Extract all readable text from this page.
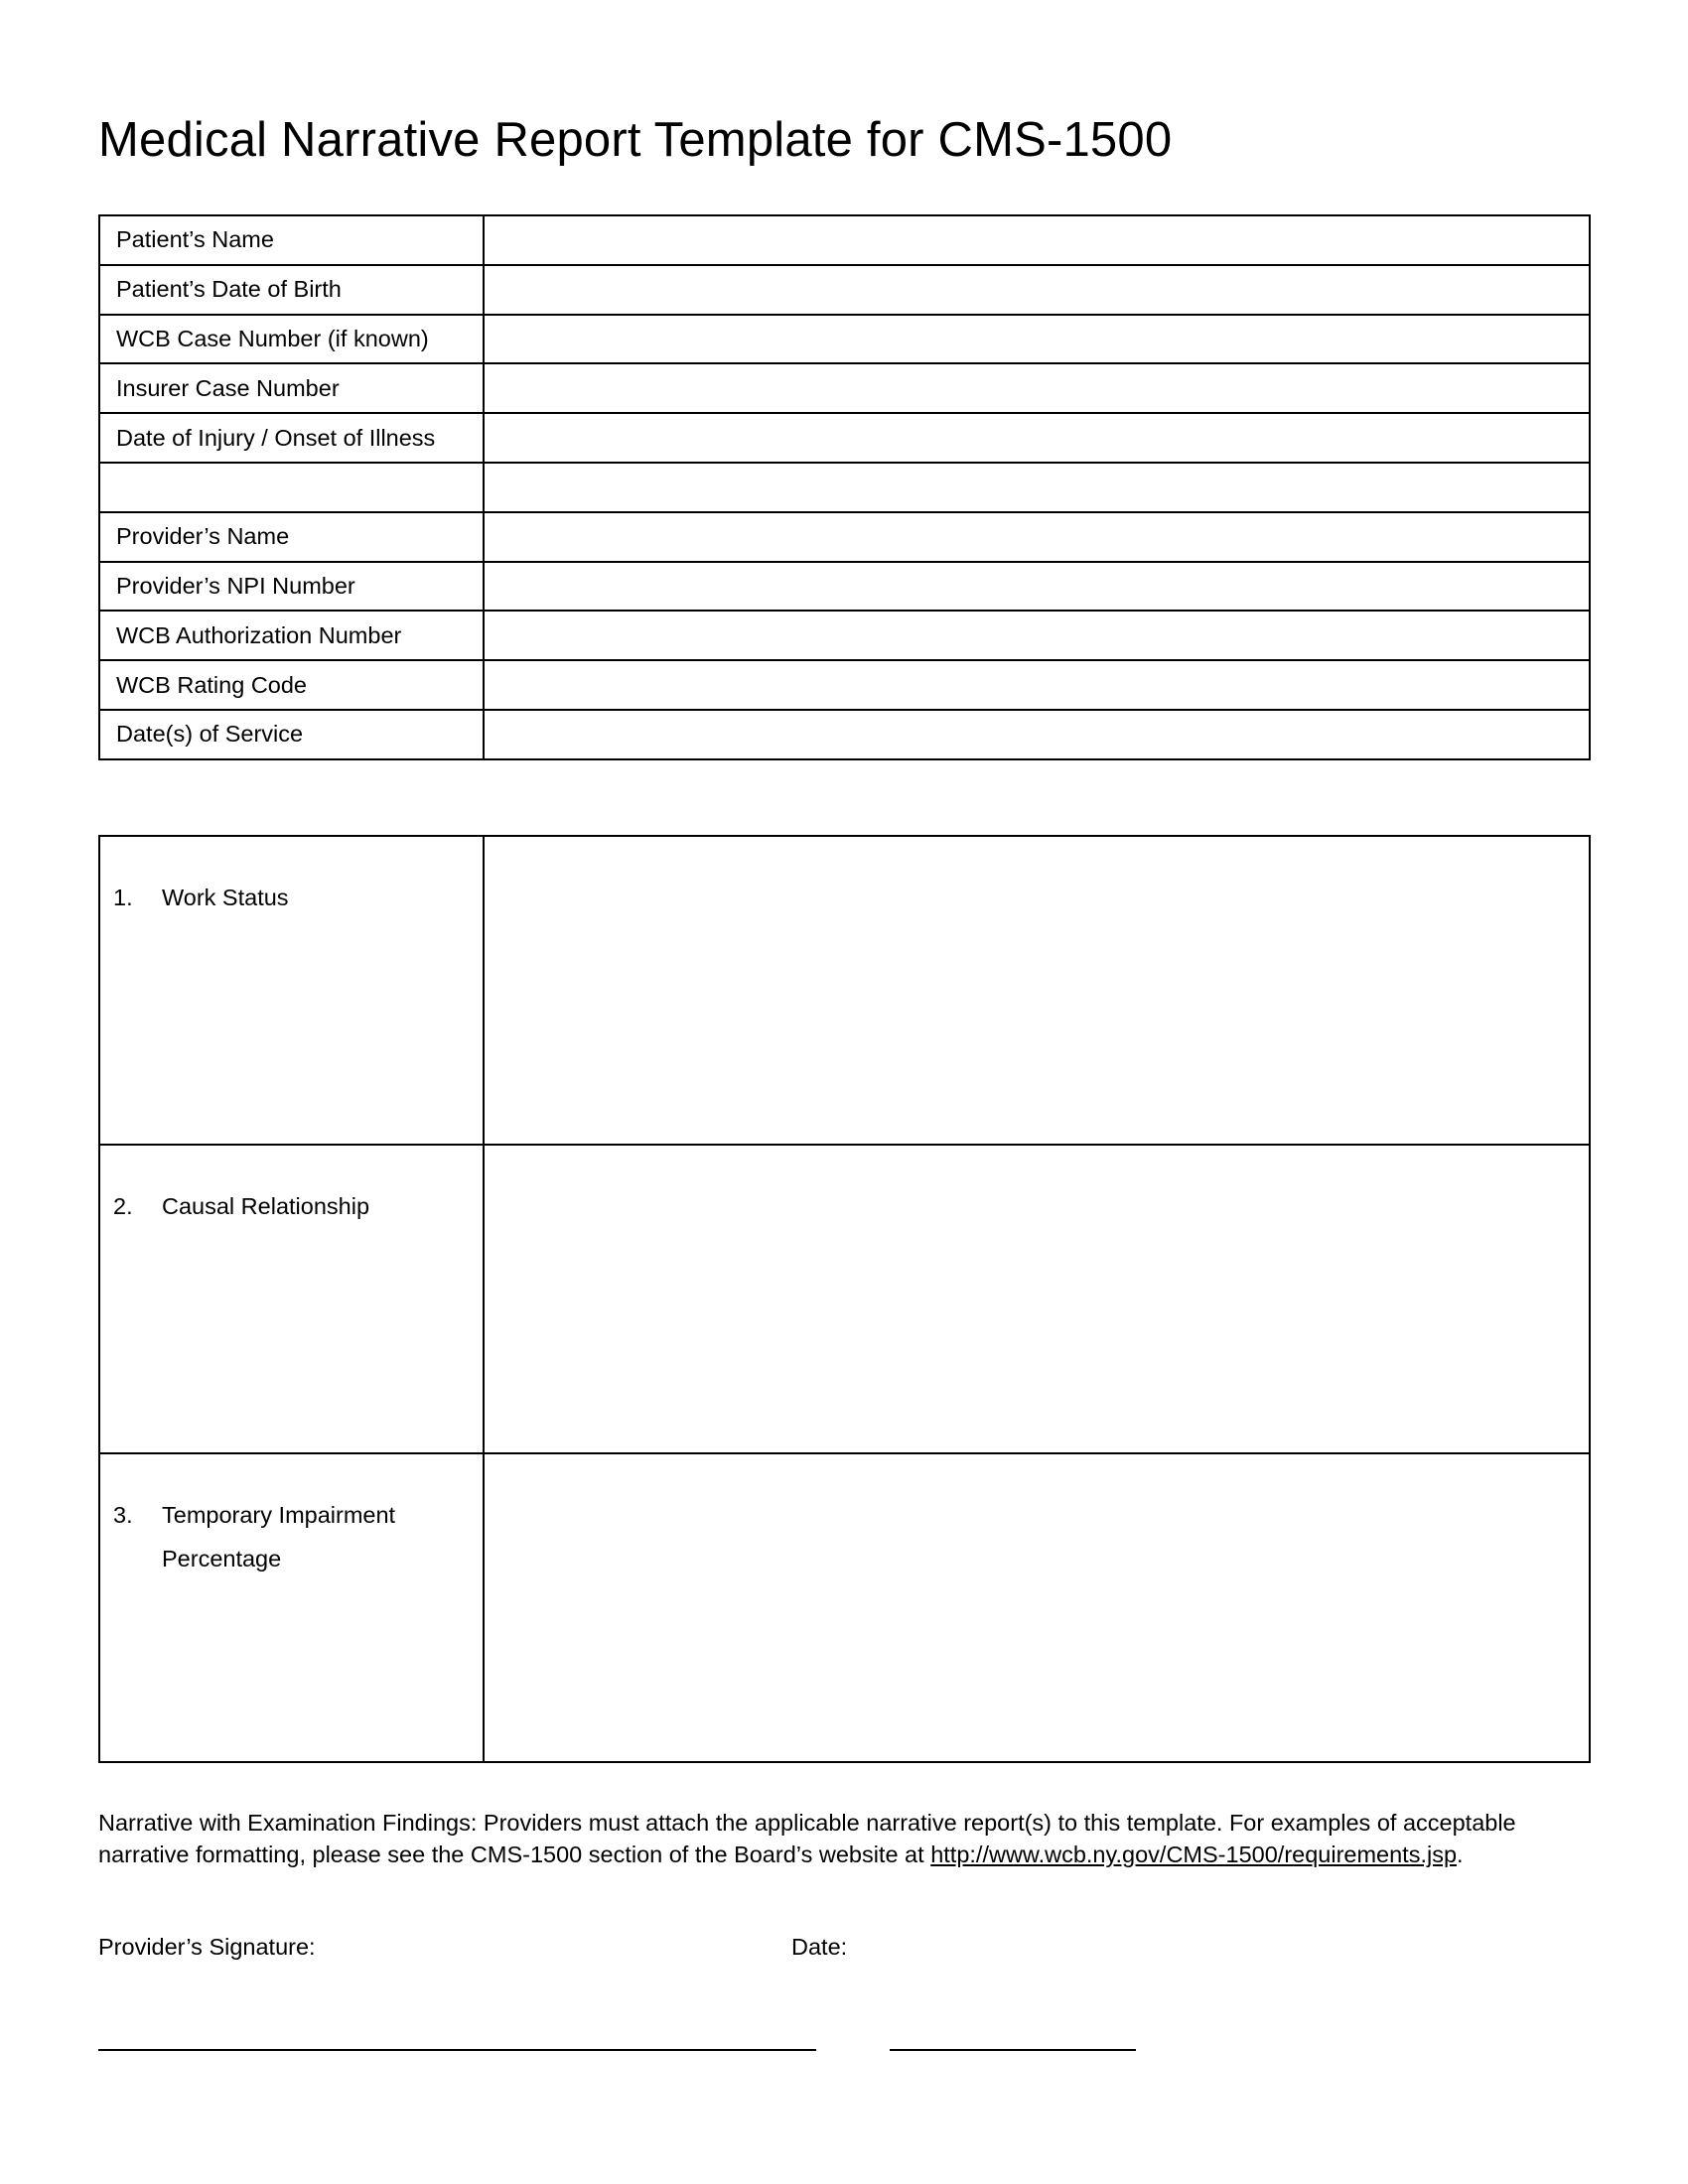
Medical Narrative Report Template for CMS-1500
Patient’s Name	
Patient’s Date of Birth	
WCB Case Number (if known)	
Insurer Case Number	
Date of Injury / Onset of Illness	

Provider’s Name	
Provider’s NPI Number	
WCB Authorization Number	
WCB Rating Code	
Date(s) of Service	
1. Work Status	

2. Causal Relationship	

3. Temporary Impairment Percentage	

Narrative with Examination Findings: Providers must attach the applicable narrative report(s) to this template. For examples of acceptable narrative formatting, please see the CMS-1500 section of the Board’s website at http://www.wcb.ny.gov/CMS-1500/requirements.jsp.

Provider’s Signature:	Date:
